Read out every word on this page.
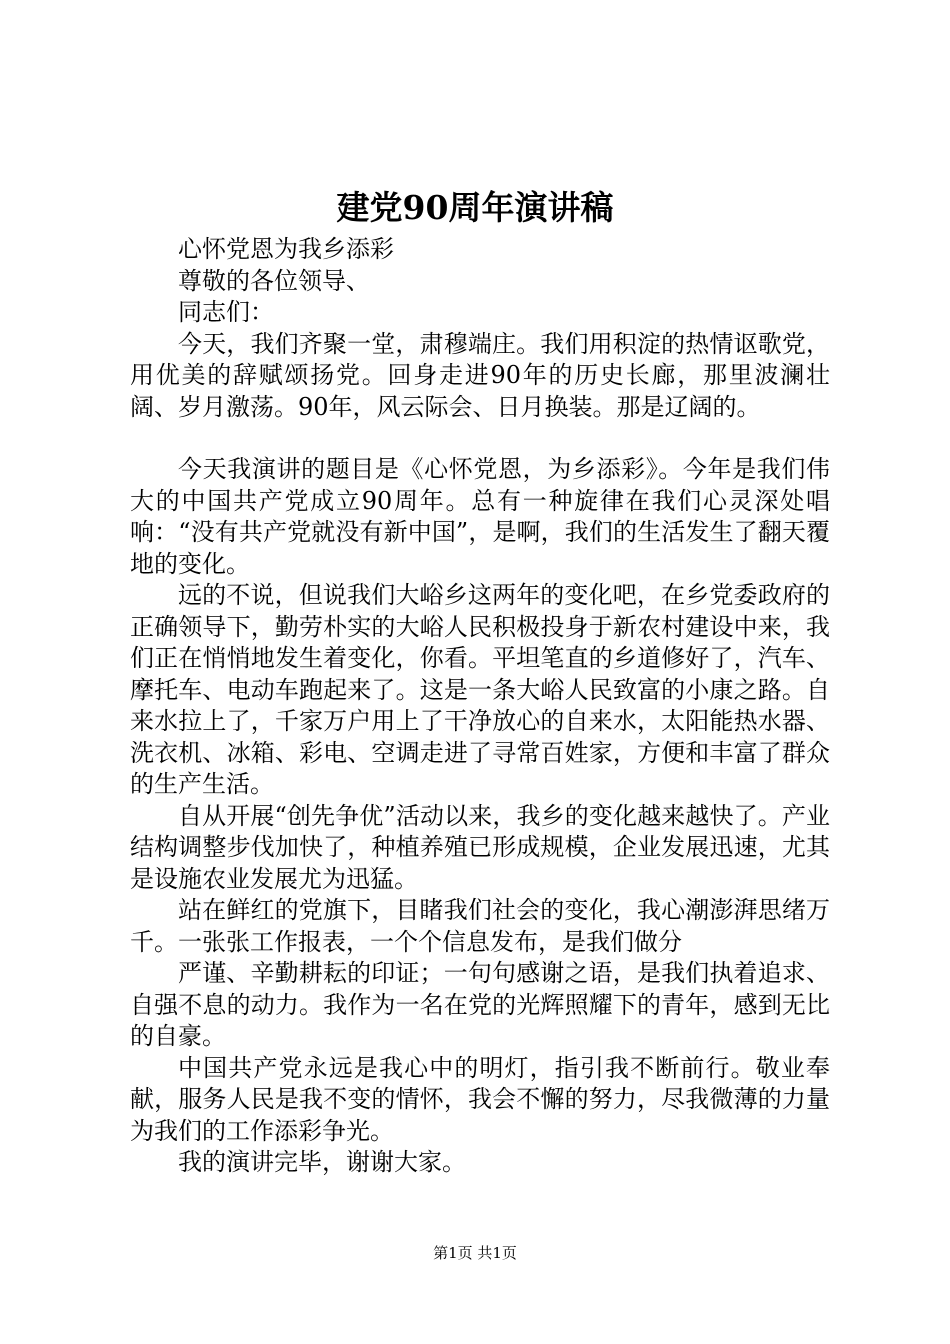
建党90周年演讲稿

心怀党恩为我乡添彩

尊敬的各位领导、

同志们：

今天，我们齐聚一堂，肃穆端庄。我们用积淀的热情讴歌党，用优美的辞赋颂扬党。回身走进90年的历史长廊，那里波澜壮阔、岁月激荡。90年，风云际会、日月换装。那是辽阔的。

今天我演讲的题目是《心怀党恩，为乡添彩》。今年是我们伟大的中国共产党成立90周年。总有一种旋律在我们心灵深处唱响：“没有共产党就没有新中国”，是啊，我们的生活发生了翻天覆地的变化。

远的不说，但说我们大峪乡这两年的变化吧，在乡党委政府的正确领导下，勤劳朴实的大峪人民积极投身于新农村建设中来，我们正在悄悄地发生着变化，你看。平坦笔直的乡道修好了，汽车、摩托车、电动车跑起来了。这是一条大峪人民致富的小康之路。自来水拉上了，千家万户用上了干净放心的自来水，太阳能热水器、洗衣机、冰箱、彩电、空调走进了寻常百姓家，方便和丰富了群众的生产生活。

自从开展“创先争优”活动以来，我乡的变化越来越快了。产业结构调整步伐加快了，种植养殖已形成规模，企业发展迅速，尤其是设施农业发展尤为迅猛。

站在鲜红的党旗下，目睹我们社会的变化，我心潮澎湃思绪万千。一张张工作报表，一个个信息发布，是我们做分

严谨、辛勤耕耘的印证；一句句感谢之语，是我们执着追求、自强不息的动力。我作为一名在党的光辉照耀下的青年，感到无比的自豪。

中国共产党永远是我心中的明灯，指引我不断前行。敬业奉献，服务人民是我不变的情怀，我会不懈的努力，尽我微薄的力量为我们的工作添彩争光。

我的演讲完毕，谢谢大家。

第1页 共1页
